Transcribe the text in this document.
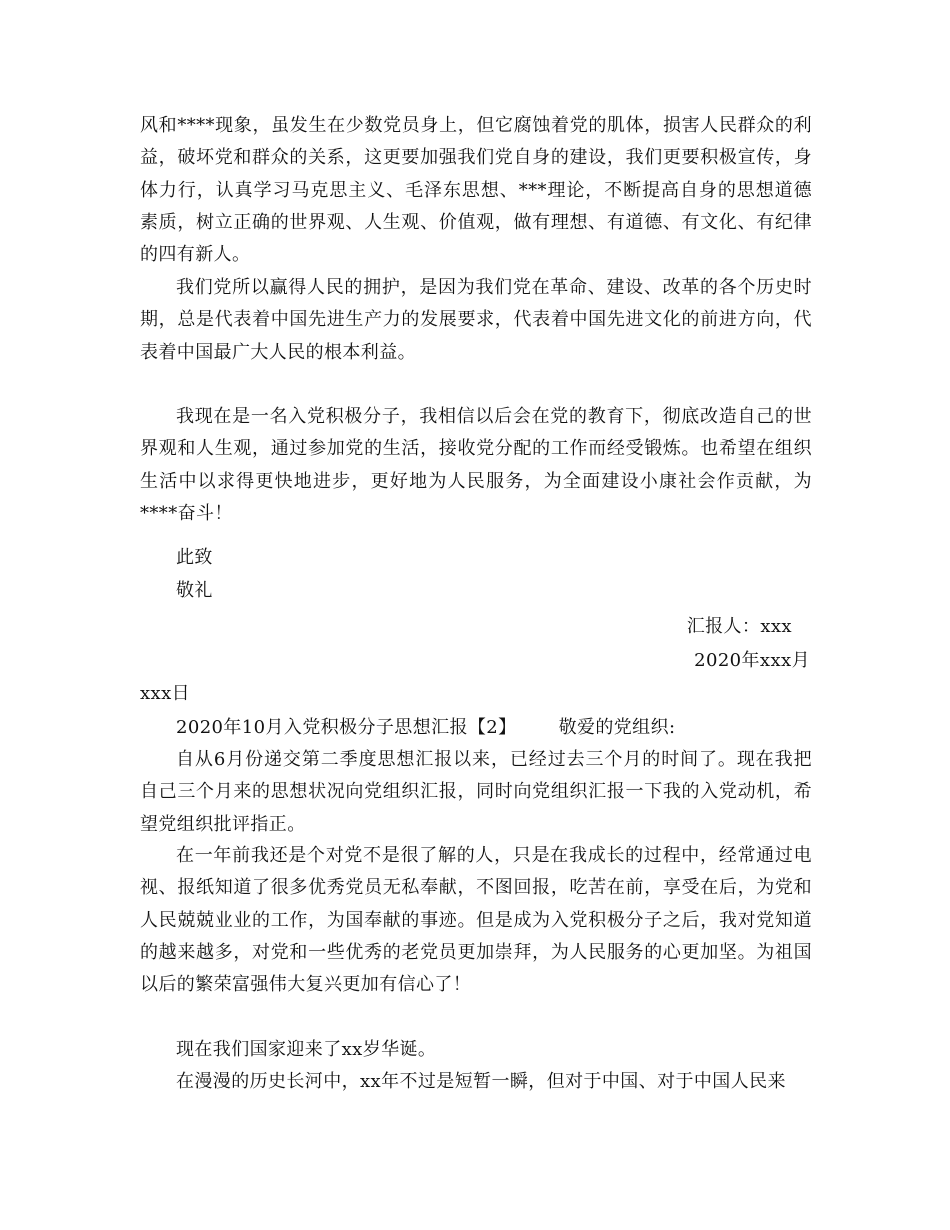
风和****现象，虽发生在少数党员身上，但它腐蚀着党的肌体，损害人民群众的利益，破坏党和群众的关系，这更要加强我们党自身的建设，我们更要积极宣传，身体力行，认真学习马克思主义、毛泽东思想、***理论，不断提高自身的思想道德素质，树立正确的世界观、人生观、价值观，做有理想、有道德、有文化、有纪律的四有新人。

我们党所以赢得人民的拥护，是因为我们党在革命、建设、改革的各个历史时期，总是代表着中国先进生产力的发展要求，代表着中国先进文化的前进方向，代表着中国最广大人民的根本利益。

我现在是一名入党积极分子，我相信以后会在党的教育下，彻底改造自己的世界观和人生观，通过参加党的生活，接收党分配的工作而经受锻炼。也希望在组织生活中以求得更快地进步，更好地为人民服务，为全面建设小康社会作贡献，为****奋斗！

此致

敬礼

汇报人：xxx

2020年xxx月

xxx日

2020年10月入党积极分子思想汇报【2】 敬爱的党组织:

自从6月份递交第二季度思想汇报以来，已经过去三个月的时间了。现在我把自己三个月来的思想状况向党组织汇报，同时向党组织汇报一下我的入党动机，希望党组织批评指正。

在一年前我还是个对党不是很了解的人，只是在我成长的过程中，经常通过电视、报纸知道了很多优秀党员无私奉献，不图回报，吃苦在前，享受在后，为党和人民兢兢业业的工作，为国奉献的事迹。但是成为入党积极分子之后，我对党知道的越来越多，对党和一些优秀的老党员更加崇拜，为人民服务的心更加坚。为祖国以后的繁荣富强伟大复兴更加有信心了！

现在我们国家迎来了xx岁华诞。

在漫漫的历史长河中，xx年不过是短暂一瞬，但对于中国、对于中国人民来
